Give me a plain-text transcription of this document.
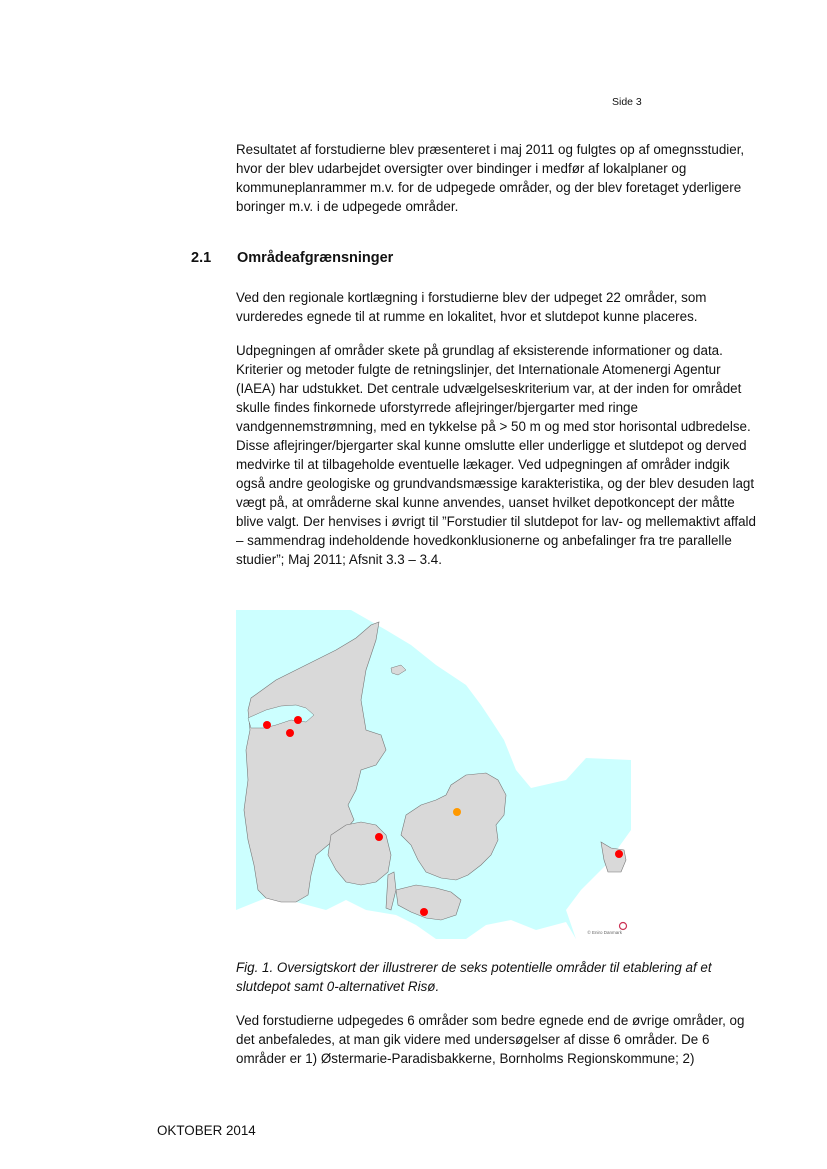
Side 3

Resultatet af forstudierne blev præsenteret i maj 2011 og fulgtes op af omegnsstudier, hvor der blev udarbejdet oversigter over bindinger i medfør af lokalplaner og kommuneplanrammer m.v. for de udpegede områder, og der blev foretaget yderligere boringer m.v. i de udpegede områder.

2.1 Områdeafgrænsninger

Ved den regionale kortlægning i forstudierne blev der udpeget 22 områder, som vurderedes egnede til at rumme en lokalitet, hvor et slutdepot kunne placeres.

Udpegningen af områder skete på grundlag af eksisterende informationer og data. Kriterier og metoder fulgte de retningslinjer, det Internationale Atomenergi Agentur (IAEA) har udstukket. Det centrale udvælgelseskriterium var, at der inden for området skulle findes finkornede uforstyrrede aflejringer/bjergarter med ringe vandgennemstrømning, med en tykkelse på > 50 m og med stor horisontal udbredelse. Disse aflejringer/bjergarter skal kunne omslutte eller underligge et slutdepot og derved medvirke til at tilbageholde eventuelle lækager. Ved udpegningen af områder indgik også andre geologiske og grundvandsmæssige karakteristika, og der blev desuden lagt vægt på, at områderne skal kunne anvendes, uanset hvilket depotkoncept der måtte blive valgt. Der henvises i øvrigt til ”Forstudier til slutdepot for lav- og mellemaktivt affald – sammendrag indeholdende hovedkonklusionerne og anbefalinger fra tre parallelle studier”; Maj 2011; Afsnit 3.3 – 3.4.

© Eniro Danmark

Fig. 1. Oversigtskort der illustrerer de seks potentielle områder til etablering af et slutdepot samt 0-alternativet Risø.

Ved forstudierne udpegedes 6 områder som bedre egnede end de øvrige områder, og det anbefaledes, at man gik videre med undersøgelser af disse 6 områder. De 6 områder er 1) Østermarie-Paradisbakkerne, Bornholms Regionskommune; 2)

OKTOBER 2014
